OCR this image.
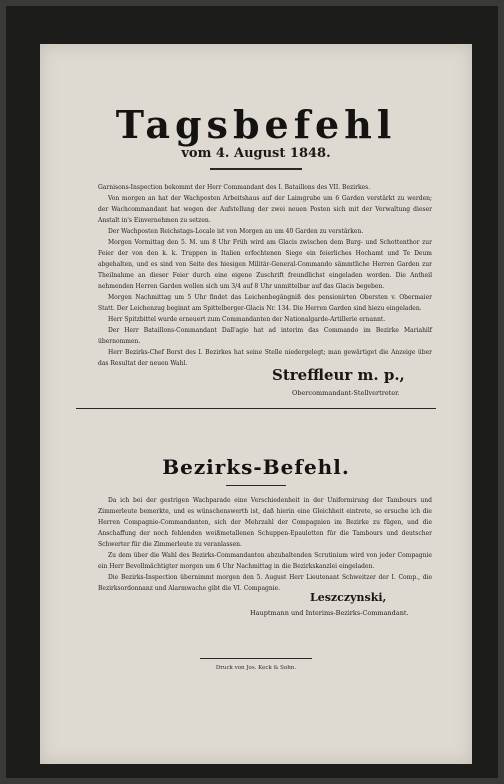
Tagsbefehl
vom 4. August 1848.

Garnisons-Inspection bekommt der Herr Commandant des I. Bataillons des VII. Bezirkes.

Von morgen an hat der Wachposten Arbeitshaus auf der Laimgrube um 6 Garden verstärkt zu werden; der Wachcommandant hat wegen der Aufstellung der zwei neuen Posten sich mit der Verwaltung dieser Anstalt in's Einvernehmen zu setzen.

Der Wachposten Reichstags-Locale ist von Morgen an um 40 Garden zu verstärken.

Morgen Vormittag den 5. M. um 8 Uhr Früh wird am Glacis zwischen dem Burg- und Schottenthor zur Feier der von den k. k. Truppen in Italien erfochtenen Siege ein feierliches Hochamt und Te Deum abgehalten, und es sind von Seite des hiesigen Militär-General-Commando sämmtliche Herren Garden zur Theilnahme an dieser Feier durch eine eigene Zuschrift freundlichst eingeladen worden. Die Antheil nehmenden Herren Garden wollen sich um 3/4 auf 8 Uhr unmittelbar auf das Glacis begeben.

Morgen Nachmittag um 5 Uhr findet das Leichenbegängniß des pensionirten Obersten v. Obermaier Statt. Der Leichenzug beginnt am Spittelberger-Glacis Nr. 134. Die Herren Garden sind hiezu eingeladen.

Herr Spitzbittel wurde erneuert zum Commandanten der Nationalgarde-Artillerie ernannt.

Der Herr Bataillons-Commandant Dall'agio hat ad interim das Commando im Bezirke Mariahilf übernommen.

Herr Bezirks-Chef Borst des I. Bezirkes hat seine Stelle niedergelegt; man gewärtiget die Anzeige über das Resultat der neuen Wahl.

Streffleur m. p.,
Obercommandant-Stellvertreter.
Bezirks-Befehl.

Da ich bei der gestrigen Wachparade eine Verschiedenheit in der Uniformirung der Tambours und Zimmerleute bemerkte, und es wünschenswerth ist, daß hierin eine Gleichheit eintrete, so ersuche ich die Herren Compagnie-Commandanten, sich der Mehrzahl der Compagnien im Bezirke zu fügen, und die Anschaffung der noch fehlenden weißmetallenen Schuppen-Epauletten für die Tambours und deutscher Schwerter für die Zimmerleute zu veranlassen.

Zu dem über die Wahl des Bezirks-Commandanten abzuhaltenden Scrutinium wird von jeder Compagnie ein Herr Bevollmächtigter morgen um 6 Uhr Nachmittag in die Bezirkskanzlei eingeladen.

Die Bezirks-Inspection übernimmt morgen den 5. August Herr Lieutenant Schweitzer der I. Comp., die Bezirksordonnanz und Alarmwache gibt die VI. Compagnie.

Leszczynski,
Hauptmann und Interims-Bezirks-Commandant.
Druck von Jos. Keck & Sohn.
